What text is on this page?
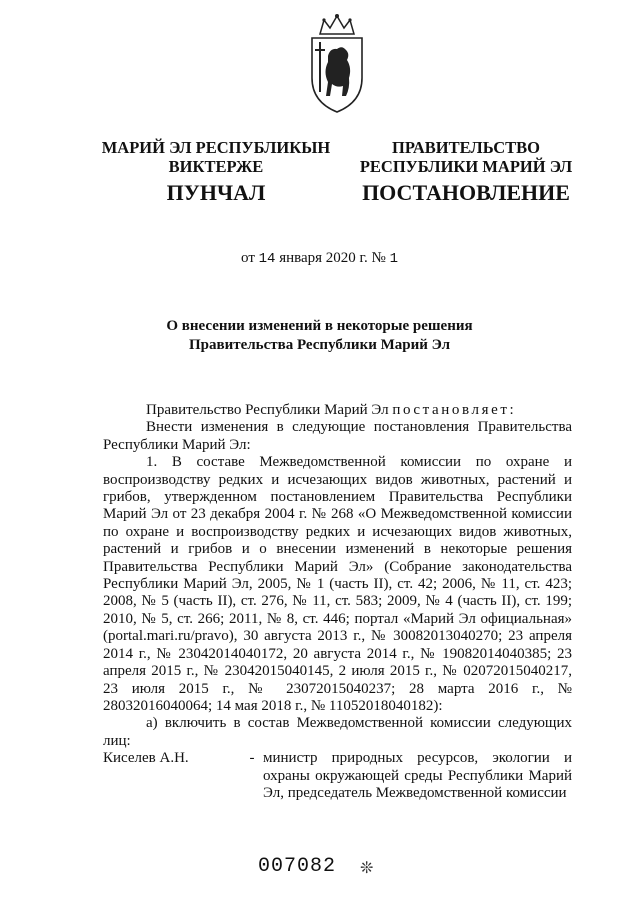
МАРИЙ ЭЛ РЕСПУБЛИКЫН
ВИКТЕРЖЕ
ПРАВИТЕЛЬСТВО
РЕСПУБЛИКИ МАРИЙ ЭЛ
ПУНЧАЛ	ПОСТАНОВЛЕНИЕ
от 14 января 2020 г. № 1
О внесении изменений в некоторые решения
Правительства Республики Марий Эл

Правительство Республики Марий Эл постановляет:

Внести изменения в следующие постановления Правительства Республики Марий Эл:

1. В составе Межведомственной комиссии по охране и воспроизводству редких и исчезающих видов животных, растений и грибов, утвержденном постановлением Правительства Республики Марий Эл от 23 декабря 2004 г. № 268 «О Межведомственной комиссии по охране и воспроизводству редких и исчезающих видов животных, растений и грибов и о внесении изменений в некоторые решения Правительства Республики Марий Эл» (Собрание законодательства Республики Марий Эл, 2005, № 1 (часть II), ст. 42; 2006, № 11, ст. 423; 2008, № 5 (часть II), ст. 276, № 11, ст. 583; 2009, № 4 (часть II), ст. 199; 2010, № 5, ст. 266; 2011, № 8, ст. 446; портал «Марий Эл официальная» (portal.mari.ru/pravo), 30 августа 2013 г., № 30082013040270; 23 апреля 2014 г., № 23042014040172, 20 августа 2014 г., № 19082014040385; 23 апреля 2015 г., № 23042015040145, 2 июля 2015 г., № 02072015040217, 23 июля 2015 г., № 23072015040237; 28 марта 2016 г., № 28032016040064; 14 мая 2018 г., № 11052018040182):

а) включить в состав Межведомственной комиссии следующих лиц:

Киселев А.Н.	- министр природных ресурсов, экологии и охраны окружающей среды Республики Марий Эл, председатель Межведомственной комиссии
007082 ❊
